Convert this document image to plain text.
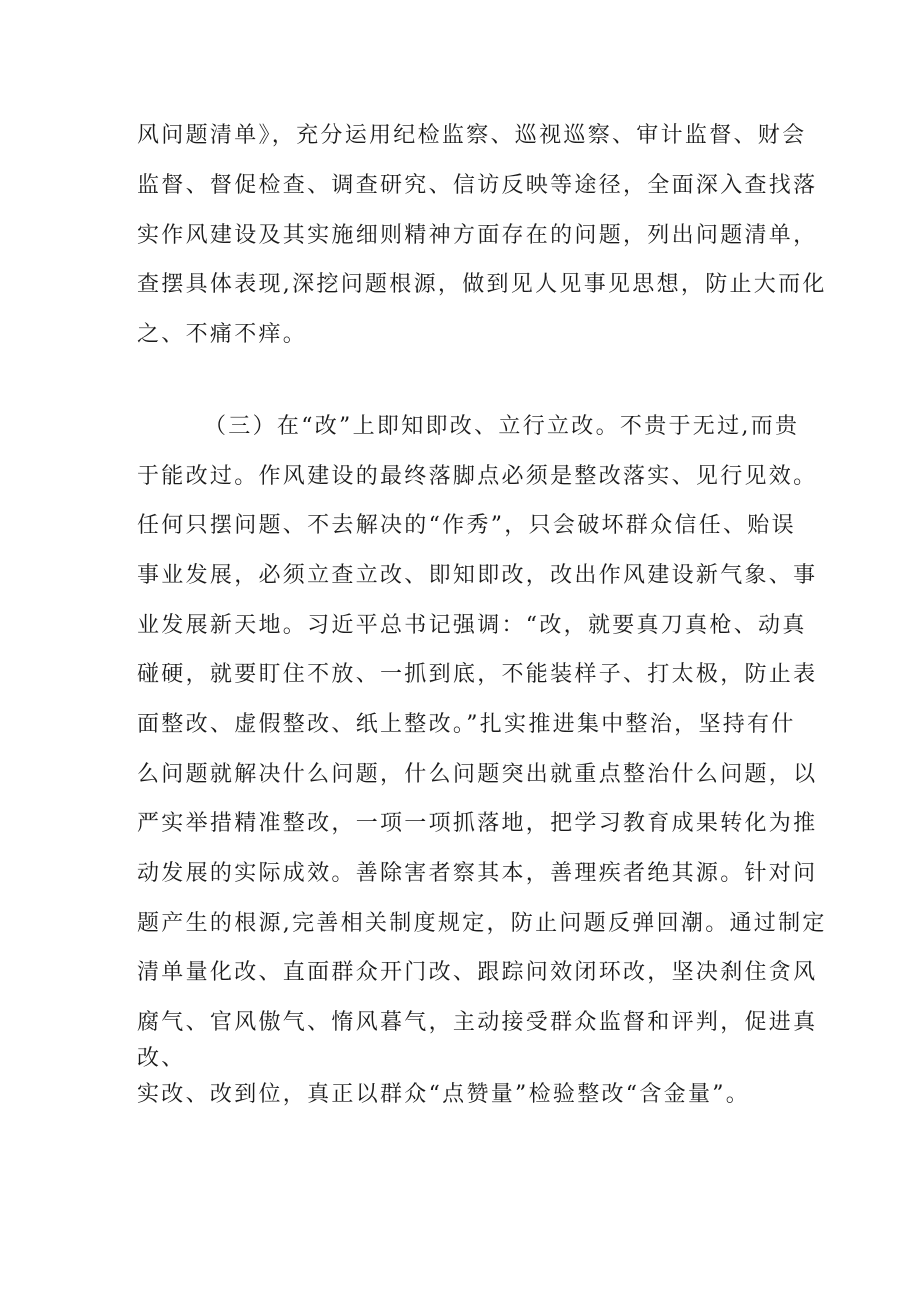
风问题清单》，充分运用纪检监察、巡视巡察、审计监督、财会
监督、督促检查、调查研究、信访反映等途径，全面深入查找落
实作风建设及其实施细则精神方面存在的问题，列出问题清单，
查摆具体表现,深挖问题根源，做到见人见事见思想，防止大而化
之、不痛不痒。
（三）在“改”上即知即改、立行立改。不贵于无过,而贵
于能改过。作风建设的最终落脚点必须是整改落实、见行见效。
任何只摆问题、不去解决的“作秀”，只会破坏群众信任、贻误
事业发展，必须立查立改、即知即改，改出作风建设新气象、事
业发展新天地。习近平总书记强调：“改，就要真刀真枪、动真
碰硬，就要盯住不放、一抓到底，不能装样子、打太极，防止表
面整改、虚假整改、纸上整改。”扎实推进集中整治，坚持有什
么问题就解决什么问题，什么问题突出就重点整治什么问题，以
严实举措精准整改，一项一项抓落地，把学习教育成果转化为推
动发展的实际成效。善除害者察其本，善理疾者绝其源。针对问
题产生的根源,完善相关制度规定，防止问题反弹回潮。通过制定
清单量化改、直面群众开门改、跟踪问效闭环改，坚决刹住贪风
腐气、官风傲气、惰风暮气，主动接受群众监督和评判，促进真
改、
实改、改到位，真正以群众“点赞量”检验整改“含金量”。
